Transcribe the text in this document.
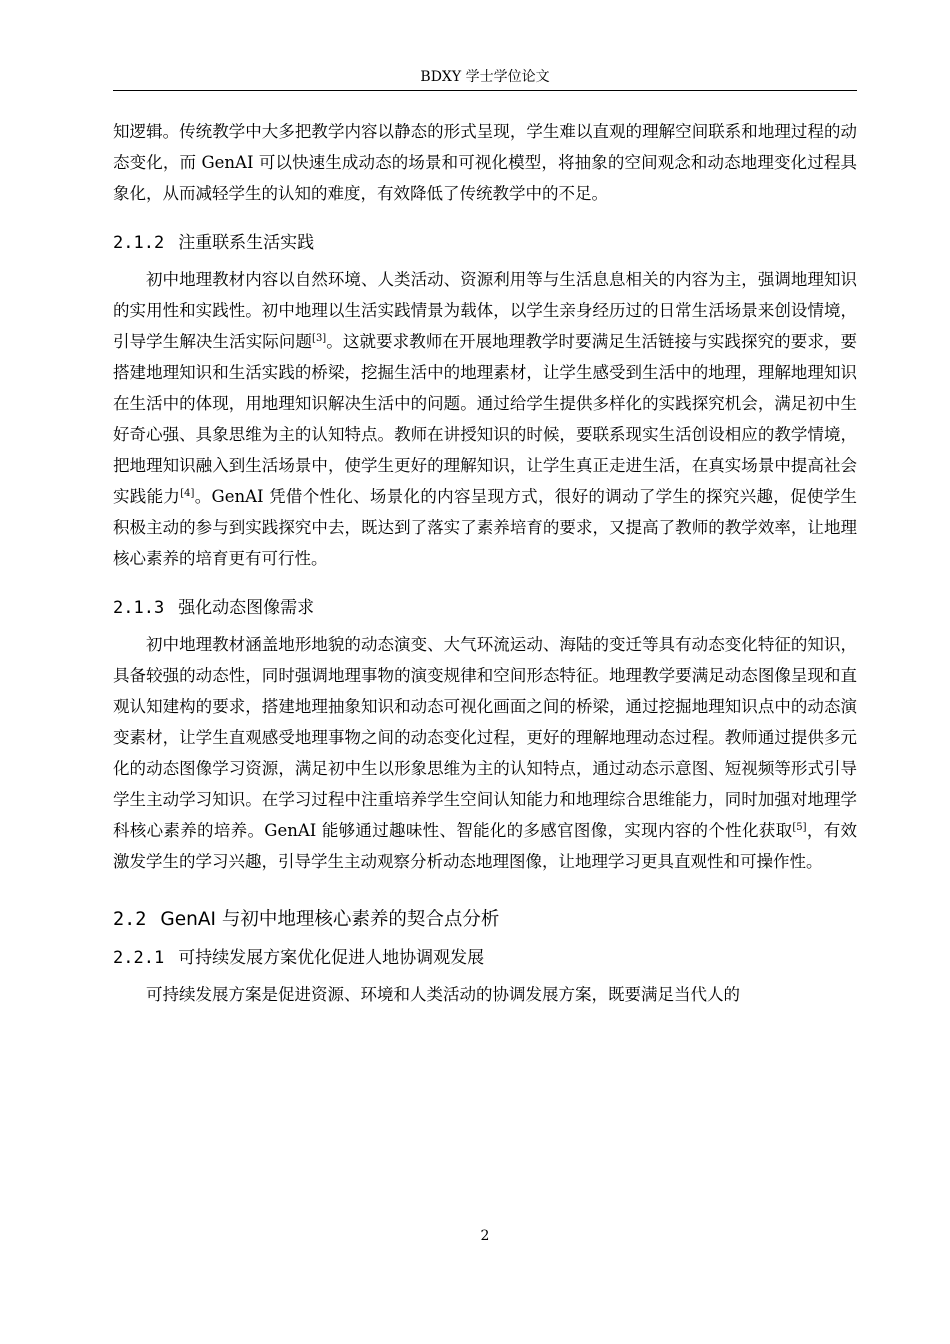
BDXY 学士学位论文

知逻辑。传统教学中大多把教学内容以静态的形式呈现，学生难以直观的理解空间联系和地理过程的动态变化，而 GenAI 可以快速生成动态的场景和可视化模型，将抽象的空间观念和动态地理变化过程具象化，从而减轻学生的认知的难度，有效降低了传统教学中的不足。

2.1.2 注重联系生活实践

初中地理教材内容以自然环境、人类活动、资源利用等与生活息息相关的内容为主，强调地理知识的实用性和实践性。初中地理以生活实践情景为载体，以学生亲身经历过的日常生活场景来创设情境，引导学生解决生活实际问题[3]。这就要求教师在开展地理教学时要满足生活链接与实践探究的要求，要搭建地理知识和生活实践的桥梁，挖掘生活中的地理素材，让学生感受到生活中的地理，理解地理知识在生活中的体现，用地理知识解决生活中的问题。通过给学生提供多样化的实践探究机会，满足初中生好奇心强、具象思维为主的认知特点。教师在讲授知识的时候，要联系现实生活创设相应的教学情境，把地理知识融入到生活场景中，使学生更好的理解知识，让学生真正走进生活，在真实场景中提高社会实践能力[4]。GenAI 凭借个性化、场景化的内容呈现方式，很好的调动了学生的探究兴趣，促使学生积极主动的参与到实践探究中去，既达到了落实了素养培育的要求，又提高了教师的教学效率，让地理核心素养的培育更有可行性。

2.1.3 强化动态图像需求

初中地理教材涵盖地形地貌的动态演变、大气环流运动、海陆的变迁等具有动态变化特征的知识，具备较强的动态性，同时强调地理事物的演变规律和空间形态特征。地理教学要满足动态图像呈现和直观认知建构的要求，搭建地理抽象知识和动态可视化画面之间的桥梁，通过挖掘地理知识点中的动态演变素材，让学生直观感受地理事物之间的动态变化过程，更好的理解地理动态过程。教师通过提供多元化的动态图像学习资源，满足初中生以形象思维为主的认知特点，通过动态示意图、短视频等形式引导学生主动学习知识。在学习过程中注重培养学生空间认知能力和地理综合思维能力，同时加强对地理学科核心素养的培养。GenAI 能够通过趣味性、智能化的多感官图像，实现内容的个性化获取[5]，有效激发学生的学习兴趣，引导学生主动观察分析动态地理图像，让地理学习更具直观性和可操作性。

2.2 GenAI 与初中地理核心素养的契合点分析
2.2.1 可持续发展方案优化促进人地协调观发展

可持续发展方案是促进资源、环境和人类活动的协调发展方案，既要满足当代人的

2
